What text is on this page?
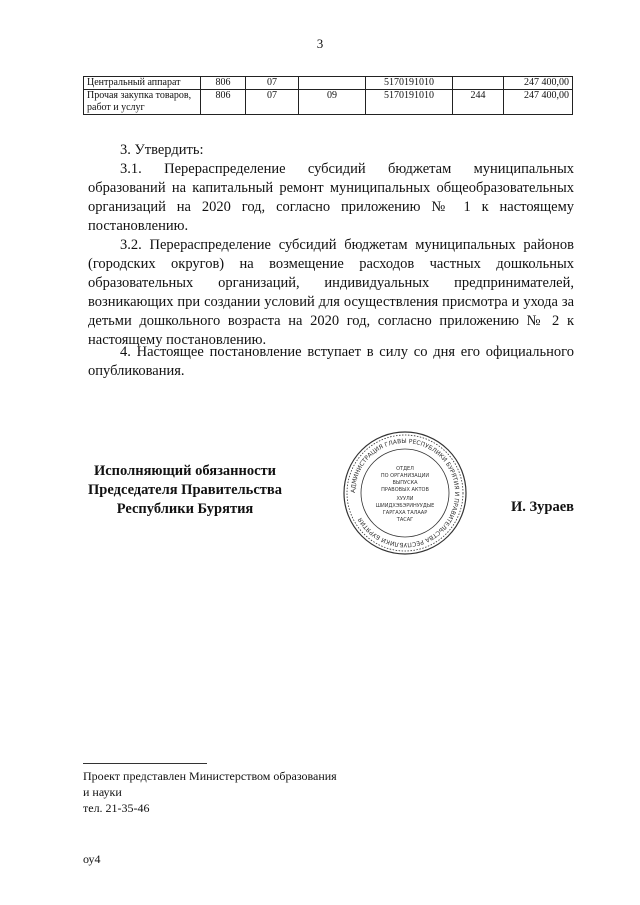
3
Центральный аппарат	806	07		5170191010		247 400,00
Прочая закупка товаров, работ и услуг	806	07	09	5170191010	244	247 400,00

3. Утвердить:

3.1. Перераспределение субсидий бюджетам муниципальных образований на капитальный ремонт муниципальных общеобразовательных организаций на 2020 год, согласно приложению № 1 к настоящему постановлению.

3.2. Перераспределение субсидий бюджетам муниципальных районов (городских округов) на возмещение расходов частных дошкольных образовательных организаций, индивидуальных предпринимателей, возникающих при создании условий для осуществления присмотра и ухода за детьми дошкольного возраста на 2020 год, согласно приложению № 2 к настоящему постановлению.

4. Настоящее постановление вступает в силу со дня его официального опубликования.

Исполняющий обязанности
Председателя Правительства
Республики Бурятия
АДМИНИСТРАЦИЯ ГЛАВЫ РЕСПУБЛИКИ БУРЯТИЯ И ПРАВИТЕЛЬСТВА РЕСПУБЛИКИ БУРЯТИЯ
ОТДЕЛ
ПО ОРГАНИЗАЦИИ
ВЫПУСКА
ПРАВОВЫХ АКТОВ
ХУУЛИ
ШИИДХЭБЭРИНУУДЫЕ
ГАРГАХА ТАЛААР
ТАСАГ
И. Зураев
Проект представлен Министерством образования
и науки
тел. 21-35-46
оу4
